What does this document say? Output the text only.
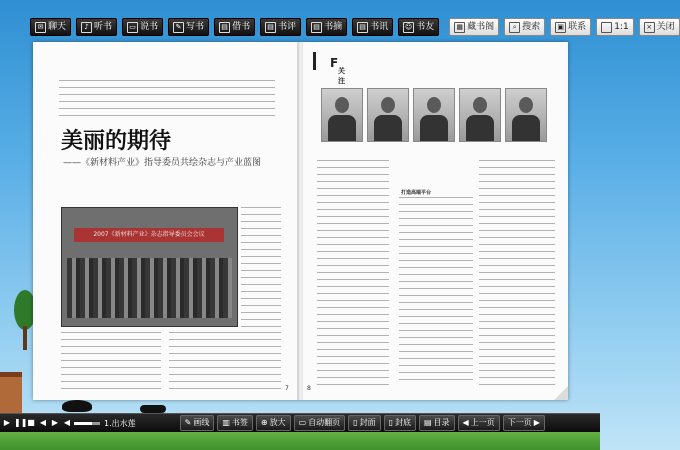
✉ 聊天	♪ 听书	▭ 说书	✎ 写书	▤ 借书	▤ 书评	▤ 书摘	▤ 书讯 ☺ 书友	▦ 藏书阁	⌕ 搜索	▣ 联系	1:1	× 关闭
美丽的期待
——《新材料产业》指导委员共绘杂志与产业蓝图
2007《新材料产业》杂志指导委员会会议
7
F
关注
打造高端平台
8
▶ ❚❚ ■ ◀ ▶ ◀	1.出水莲	✎ 画线 ▥ 书签 ⊕ 放大 ▭ 自动翻页 ▯ 封面 ▯ 封底 ▤ 目录 ◀ 上一页 下一页 ▶
